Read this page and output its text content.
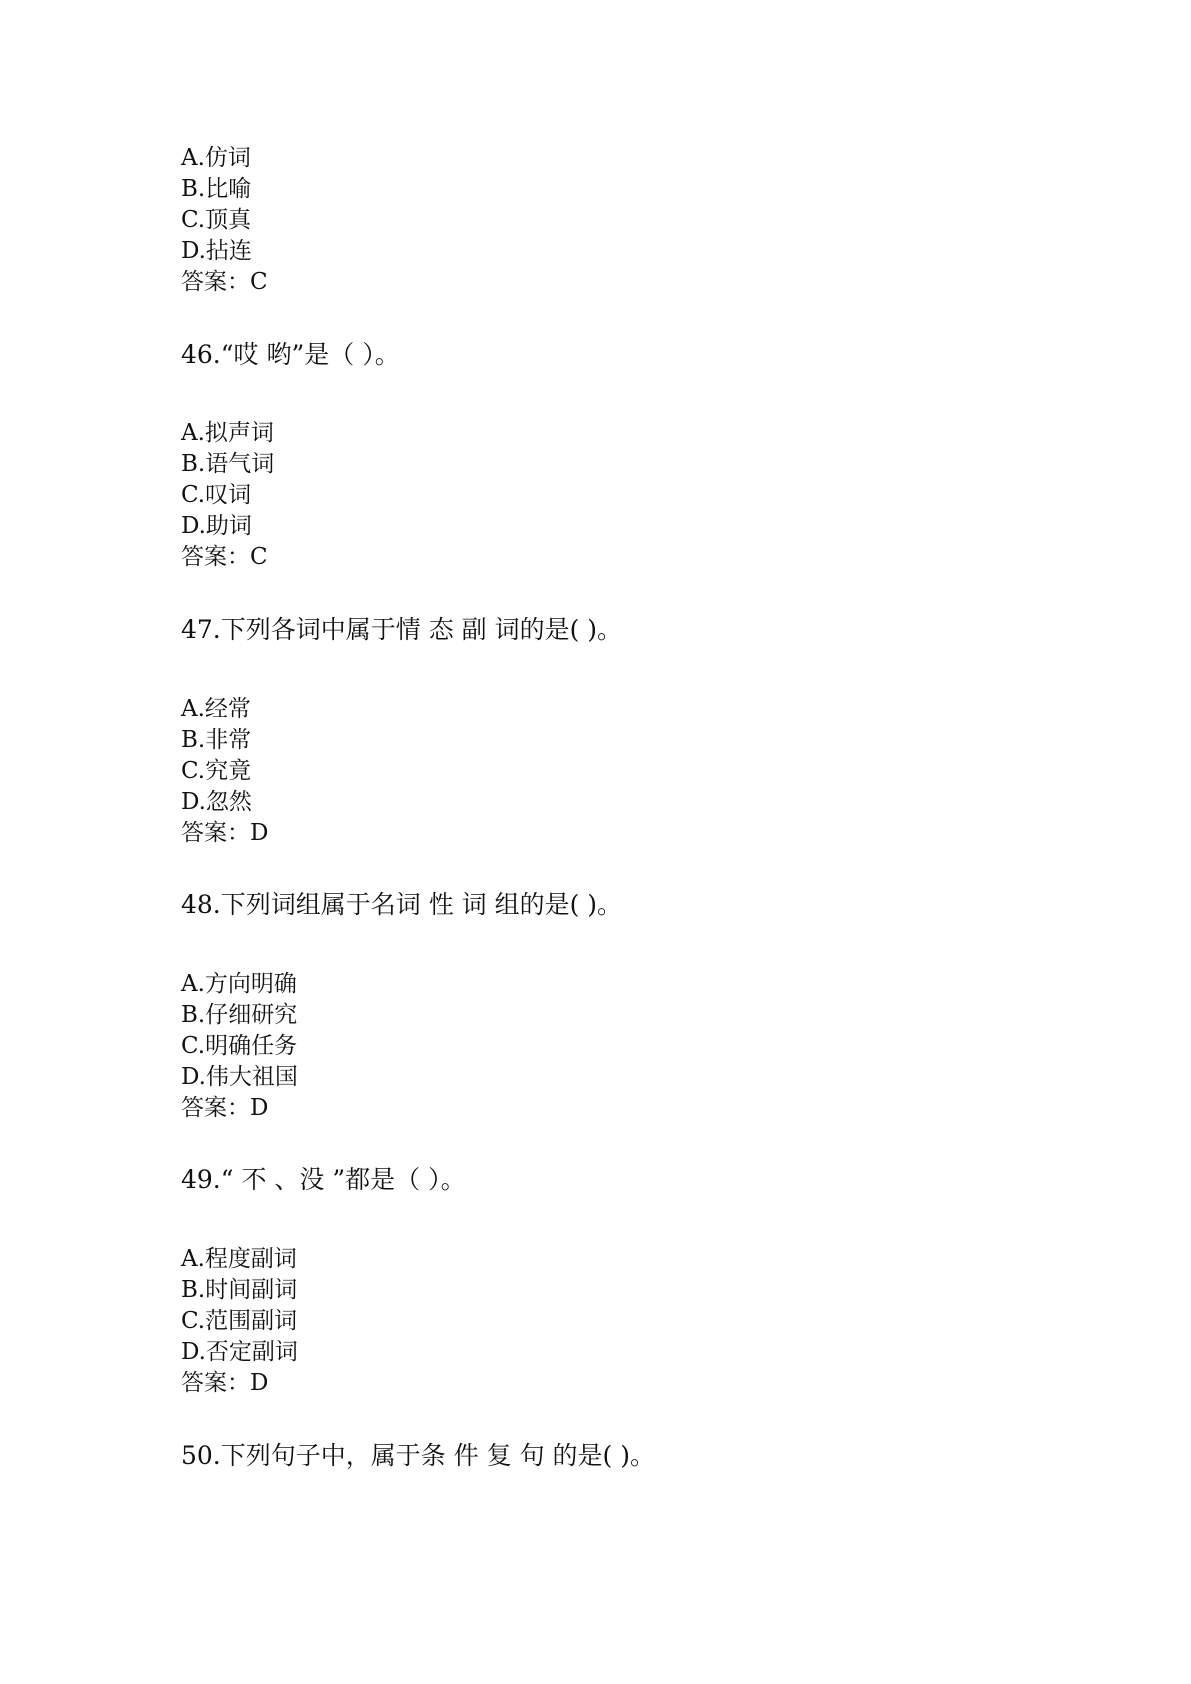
A.仿词
B.比喻
C.顶真
D.拈连
答案：C
46.“哎 哟”是（ ）。
A.拟声词
B.语气词
C.叹词
D.助词
答案：C
47.下列各词中属于情 态 副 词的是( )。
A.经常
B.非常
C.究竟
D.忽然
答案：D
48.下列词组属于名词 性 词 组的是( )。
A.方向明确
B.仔细研究
C.明确任务
D.伟大祖国
答案：D
49.“ 不 、没 ”都是（ ）。
A.程度副词
B.时间副词
C.范围副词
D.否定副词
答案：D
50.下列句子中，属于条 件 复 句 的是( )。
